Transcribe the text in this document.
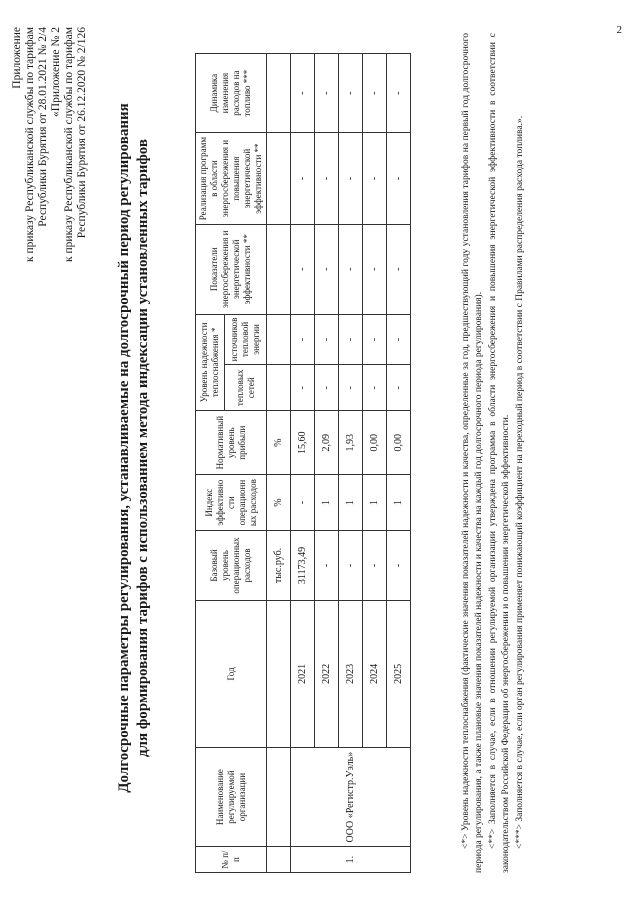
2
Приложение к приказу Республиканской службы по тарифам Республики Бурятия от 28.01.2021 № 2/4 «Приложение № 2 к приказу Республиканской службы по тарифам Республики Бурятия от 26.12.2020 № 2/126 Долгосрочные параметры регулирования, устанавливаемые на долгосрочный период регулирования для формирования тарифов с использованием метода индексации установленных тарифов
№ п/п	Наименование регулируемой организации	Год	Базовый уровень операционных расходов	Индекс эффективно сти операционн ых расходов	Нормативный уровень прибыли	Уровень надежности теплоснабжения *		Показатели энергосбережения и энергетической эффективности **	Реализация программ в области энергосбережения и повышения энергетической эффективности **	Динамика изменения расходов на топливо ***
						тепловых сетей	источников тепловой энергии			
			тыс.руб.	%	%					
1.	ООО «Регистр.Уэль»	2021	31173,49	-	15,60	-	-	-	-	-
		2022	-	1	2,09	-	-	-	-	-
		2023	-	1	1,93	-	-	-	-	-
		2024	-	1	0,00	-	-	-	-	-
		2025	-	1	0,00	-	-	-	-	-	<*> Уровень надежности теплоснабжения (фактические значения показателей надежности и качества, определенные за год, предшествующий году установления тарифов на первый год долгосрочного периода регулирования, а также плановые значения показателей надежности и качества на каждый год долгосрочного периода регулирования). <**> Заполняется в случае, если в отношении регулируемой организации утверждена программа в области энергосбережения и повышения энергетической эффективности в соответствии с законодательством Российской Федерации об энергосбережении и о повышении энергетической эффективности. <***> Заполняется в случае, если орган регулирования применяет понижающий коэффициент на переходный период в соответствии с Правилами распределения расхода топлива.».
